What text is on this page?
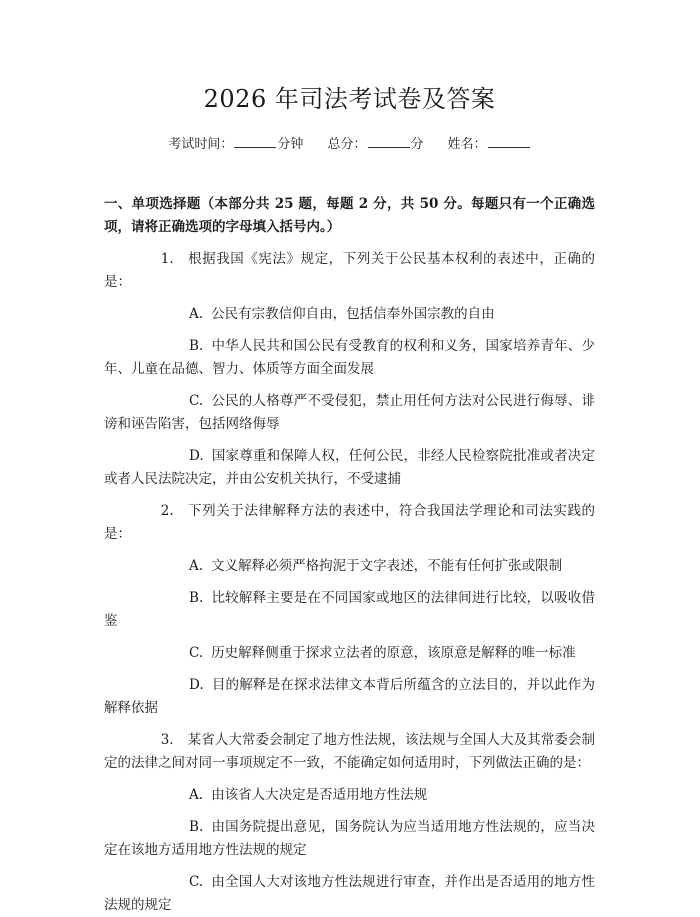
2026 年司法考试卷及答案
考试时间：	分钟 总分：	分 姓名：
一、单项选择题（本部分共 25 题，每题 2 分，共 50 分。每题只有一个正确选项，请将正确选项的字母填入括号内。）

1. 根据我国《宪法》规定，下列关于公民基本权利的表述中，正确的是：

A. 公民有宗教信仰自由，包括信奉外国宗教的自由

B. 中华人民共和国公民有受教育的权利和义务，国家培养青年、少年、儿童在品德、智力、体质等方面全面发展

C. 公民的人格尊严不受侵犯，禁止用任何方法对公民进行侮辱、诽谤和诬告陷害，包括网络侮辱

D. 国家尊重和保障人权，任何公民，非经人民检察院批准或者决定或者人民法院决定，并由公安机关执行，不受逮捕

2. 下列关于法律解释方法的表述中，符合我国法学理论和司法实践的是：

A. 文义解释必须严格拘泥于文字表述，不能有任何扩张或限制

B. 比较解释主要是在不同国家或地区的法律间进行比较，以吸收借鉴

C. 历史解释侧重于探求立法者的原意，该原意是解释的唯一标准

D. 目的解释是在探求法律文本背后所蕴含的立法目的，并以此作为解释依据

3. 某省人大常委会制定了地方性法规，该法规与全国人大及其常委会制定的法律之间对同一事项规定不一致，不能确定如何适用时，下列做法正确的是：

A. 由该省人大决定是否适用地方性法规

B. 由国务院提出意见，国务院认为应当适用地方性法规的，应当决定在该地方适用地方性法规的规定

C. 由全国人大对该地方性法规进行审查，并作出是否适用的地方性法规的规定
